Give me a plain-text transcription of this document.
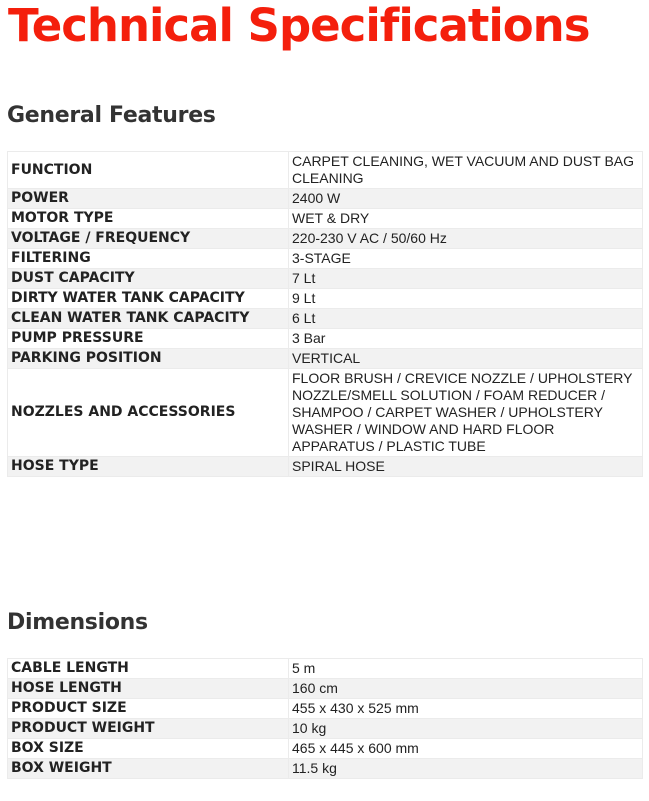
Technical Specifications
General Features
FUNCTION	CARPET CLEANING, WET VACUUM AND DUST BAG CLEANING
POWER	2400 W
MOTOR TYPE	WET & DRY
VOLTAGE / FREQUENCY	220-230 V AC / 50/60 Hz
FILTERING	3-STAGE
DUST CAPACITY	7 Lt
DIRTY WATER TANK CAPACITY	9 Lt
CLEAN WATER TANK CAPACITY	6 Lt
PUMP PRESSURE	3 Bar
PARKING POSITION	VERTICAL
NOZZLES AND ACCESSORIES	FLOOR BRUSH / CREVICE NOZZLE / UPHOLSTERY NOZZLE/SMELL SOLUTION / FOAM REDUCER / SHAMPOO / CARPET WASHER / UPHOLSTERY WASHER / WINDOW AND HARD FLOOR APPARATUS / PLASTIC TUBE
HOSE TYPE	SPIRAL HOSE
Dimensions
CABLE LENGTH	5 m
HOSE LENGTH	160 cm
PRODUCT SIZE	455 x 430 x 525 mm
PRODUCT WEIGHT	10 kg
BOX SIZE	465 x 445 x 600 mm
BOX WEIGHT	11.5 kg
